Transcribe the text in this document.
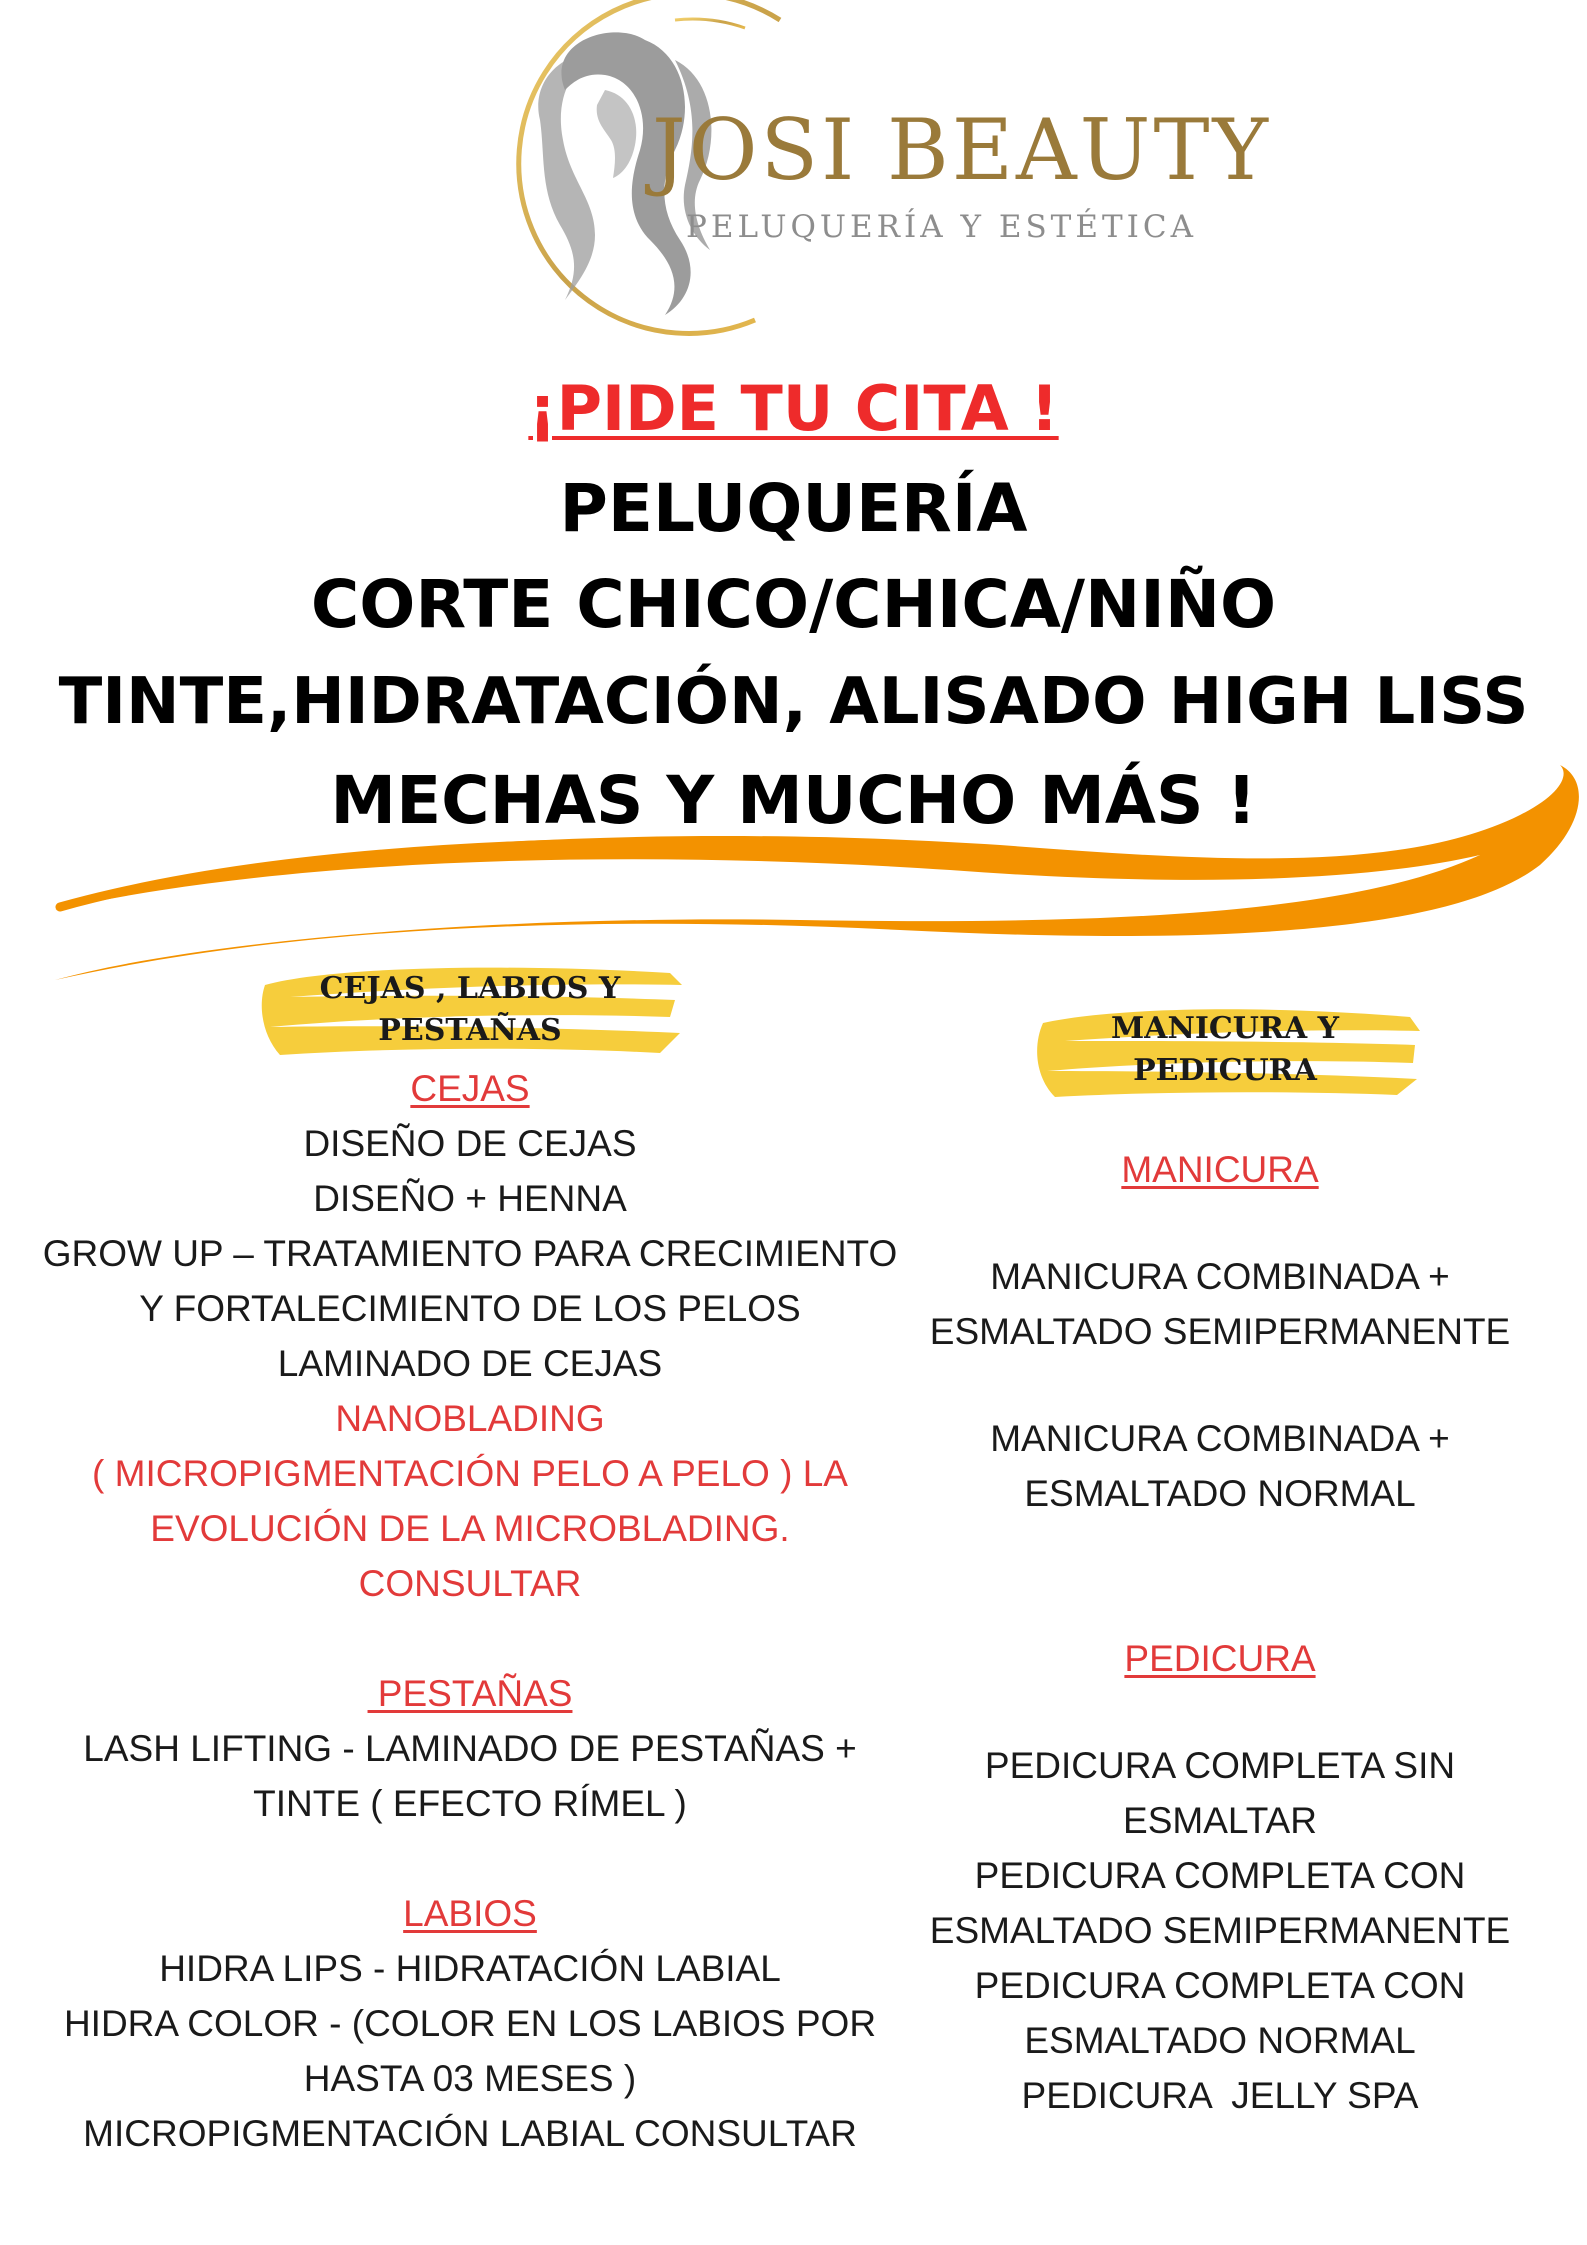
JOSI BEAUTY
PELUQUERÍA Y ESTÉTICA
¡PIDE TU CITA !
PELUQUERÍA
CORTE CHICO/CHICA/NIÑO
TINTE,HIDRATACIÓN, ALISADO HIGH LISS
MECHAS Y MUCHO MÁS !
CEJAS , LABIOS Y
PESTAÑAS	MANICURA Y
PEDICURA
CEJAS
DISEÑO DE CEJAS
DISEÑO + HENNA
GROW UP – TRATAMIENTO PARA CRECIMIENTO
Y FORTALECIMIENTO DE LOS PELOS
LAMINADO DE CEJAS
NANOBLADING
( MICROPIGMENTACIÓN PELO A PELO ) LA
EVOLUCIÓN DE LA MICROBLADING.
CONSULTAR
PESTAÑAS
LASH LIFTING - LAMINADO DE PESTAÑAS +
TINTE ( EFECTO RÍMEL )
LABIOS
HIDRA LIPS - HIDRATACIÓN LABIAL
HIDRA COLOR - (COLOR EN LOS LABIOS POR
HASTA 03 MESES )
MICROPIGMENTACIÓN LABIAL CONSULTAR
MANICURA
MANICURA COMBINADA +
ESMALTADO SEMIPERMANENTE
MANICURA COMBINADA +
ESMALTADO NORMAL
PEDICURA
PEDICURA COMPLETA SIN
ESMALTAR
PEDICURA COMPLETA CON
ESMALTADO SEMIPERMANENTE
PEDICURA COMPLETA CON
ESMALTADO NORMAL
PEDICURA  JELLY SPA
